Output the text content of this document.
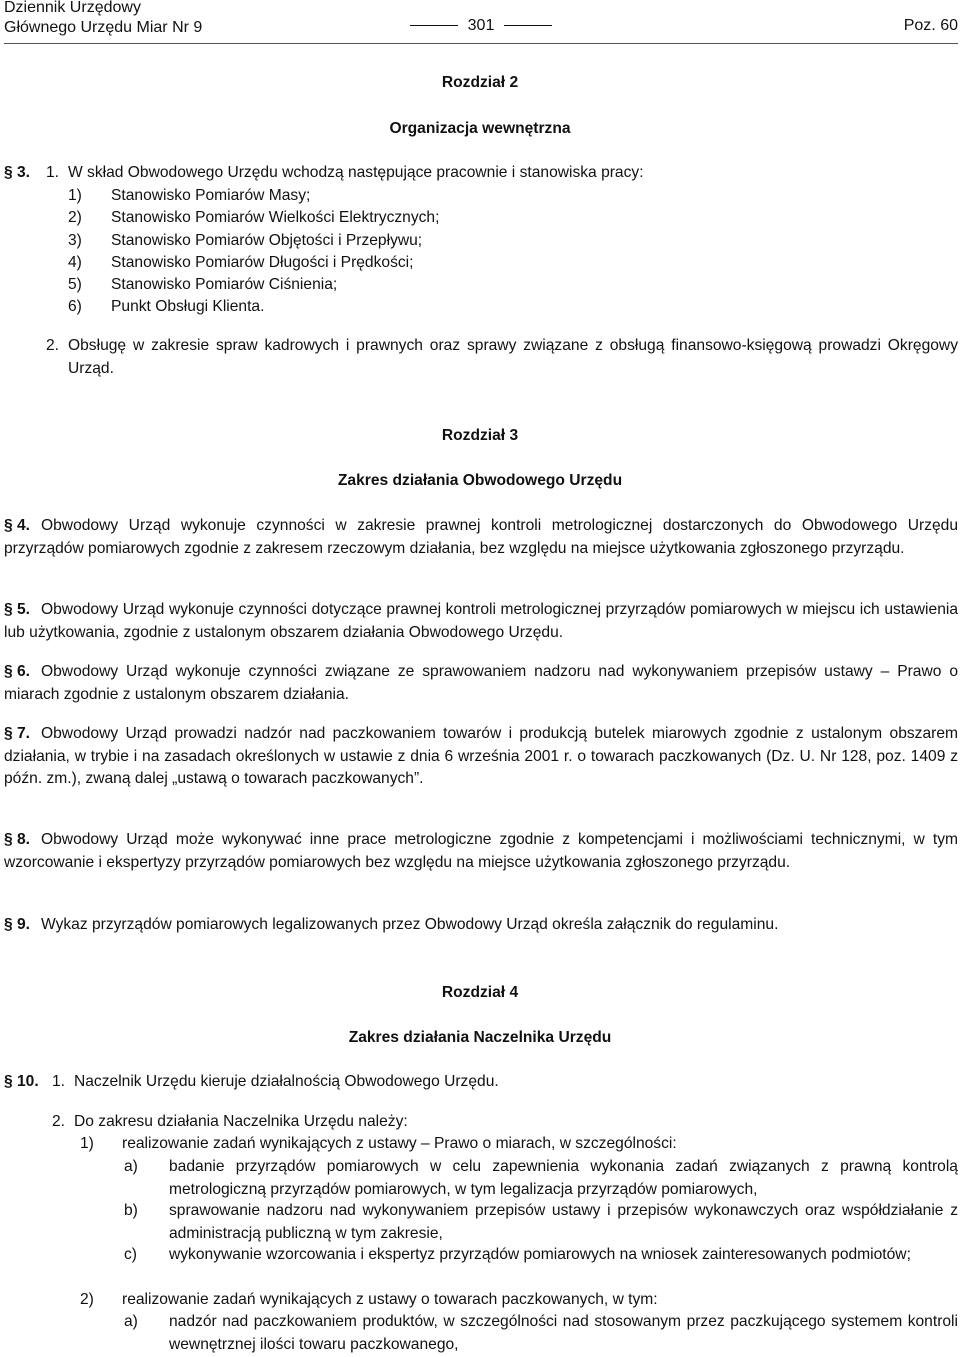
Dziennik Urzędowy
Głównego Urzędu Miar Nr 9	301	Poz. 60
Rozdział 2
Organizacja wewnętrzna
§ 3. 1. W skład Obwodowego Urzędu wchodzą następujące pracownie i stanowiska pracy:
1) Stanowisko Pomiarów Masy;
2) Stanowisko Pomiarów Wielkości Elektrycznych;
3) Stanowisko Pomiarów Objętości i Przepływu;
4) Stanowisko Pomiarów Długości i Prędkości;
5) Stanowisko Pomiarów Ciśnienia;
6) Punkt Obsługi Klienta.
2. Obsługę w zakresie spraw kadrowych i prawnych oraz sprawy związane z obsługą finansowo-księgową prowadzi Okręgowy Urząd.

Rozdział 3
Zakres działania Obwodowego Urzędu

§ 4. Obwodowy Urząd wykonuje czynności w zakresie prawnej kontroli metrologicznej dostarczonych do Obwodowego Urzędu przyrządów pomiarowych zgodnie z zakresem rzeczowym działania, bez względu na miejsce użytkowania zgłoszonego przyrządu.

§ 5. Obwodowy Urząd wykonuje czynności dotyczące prawnej kontroli metrologicznej przyrządów pomiarowych w miejscu ich ustawienia lub użytkowania, zgodnie z ustalonym obszarem działania Obwodowego Urzędu.

§ 6. Obwodowy Urząd wykonuje czynności związane ze sprawowaniem nadzoru nad wykonywaniem przepisów ustawy – Prawo o miarach zgodnie z ustalonym obszarem działania.

§ 7. Obwodowy Urząd prowadzi nadzór nad paczkowaniem towarów i produkcją butelek miarowych zgodnie z ustalonym obszarem działania, w trybie i na zasadach określonych w ustawie z dnia 6 września 2001 r. o towarach paczkowanych (Dz. U. Nr 128, poz. 1409 z późn. zm.), zwaną dalej „ustawą o towarach paczkowanych”.

§ 8. Obwodowy Urząd może wykonywać inne prace metrologiczne zgodnie z kompetencjami i możliwościami technicznymi, w tym wzorcowanie i ekspertyzy przyrządów pomiarowych bez względu na miejsce użytkowania zgłoszonego przyrządu.

§ 9. Wykaz przyrządów pomiarowych legalizowanych przez Obwodowy Urząd określa załącznik do regulaminu.

Rozdział 4
Zakres działania Naczelnika Urzędu
§ 10. 1. Naczelnik Urzędu kieruje działalnością Obwodowego Urzędu.
2. Do zakresu działania Naczelnika Urzędu należy:
1) realizowanie zadań wynikających z ustawy – Prawo o miarach, w szczególności:
a) badanie przyrządów pomiarowych w celu zapewnienia wykonania zadań związanych z prawną kontrolą metrologiczną przyrządów pomiarowych, w tym legalizacja przyrządów pomiarowych,
b) sprawowanie nadzoru nad wykonywaniem przepisów ustawy i przepisów wykonawczych oraz współdziałanie z administracją publiczną w tym zakresie,
c) wykonywanie wzorcowania i ekspertyz przyrządów pomiarowych na wniosek zainteresowanych podmiotów;
2) realizowanie zadań wynikających z ustawy o towarach paczkowanych, w tym:
a) nadzór nad paczkowaniem produktów, w szczególności nad stosowanym przez paczkującego systemem kontroli wewnętrznej ilości towaru paczkowanego,
